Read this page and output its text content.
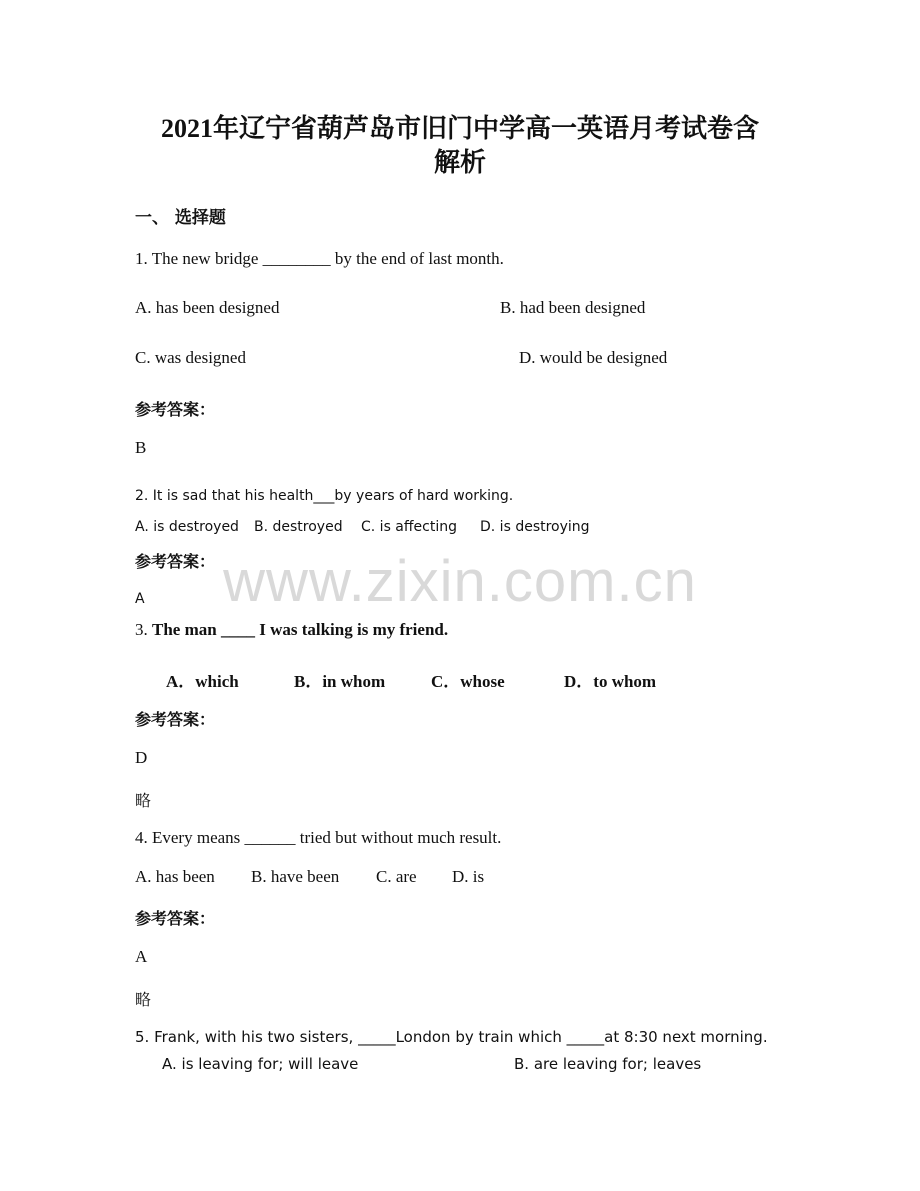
2021年辽宁省葫芦岛市旧门中学高一英语月考试卷含
解析
一、 选择题
1. The new bridge ________ by the end of last month.
A. has been designed	B. had been designed
C. was designed	D. would be designed
参考答案：
B
2. It is sad that his health___by years of hard working.
A. is destroyed B. destroyed C. is affecting D. is destroying
参考答案：
A
3. The man ____ I was talking is my friend.
A．which	B．in whom	C．whose	D．to whom
参考答案：
D
略
4. Every means ______ tried but without much result.
A. has been B. have been C. are D. is
参考答案：
A
略
5. Frank, with his two sisters, _____London by train which _____at 8:30 next morning.
A. is leaving for; will leave	B. are leaving for; leaves
www.zixin.com.cn
